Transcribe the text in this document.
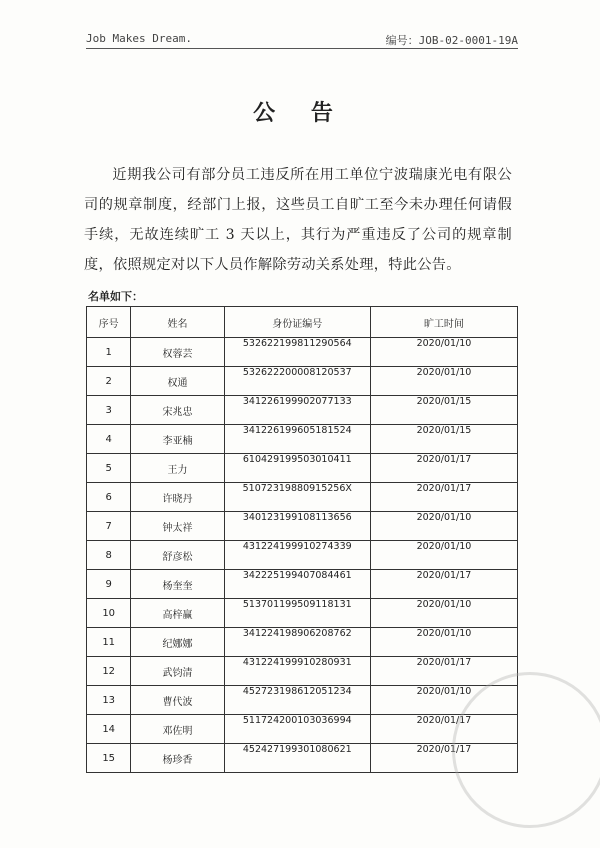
Job Makes Dream.	编号：JOB-02-0001-19A
公 告

近期我公司有部分员工违反所在用工单位宁波瑞康光电有限公司的规章制度，经部门上报，这些员工自旷工至今未办理任何请假手续，无故连续旷工 3 天以上，其行为严重违反了公司的规章制度，依照规定对以下人员作解除劳动关系处理，特此公告。

名单如下：
序号	姓名	身份证编号	旷工时间
1	权蓉芸	532622199811290564	2020/01/10
2	权通	532622200008120537	2020/01/10
3	宋兆忠	341226199902077133	2020/01/15
4	李亚楠	341226199605181524	2020/01/15
5	王力	610429199503010411	2020/01/17
6	许晓丹	51072319880915256X	2020/01/17
7	钟太祥	340123199108113656	2020/01/10
8	舒彦松	431224199910274339	2020/01/10
9	杨奎奎	342225199407084461	2020/01/17
10	高梓赢	513701199509118131	2020/01/10
11	纪娜娜	341224198906208762	2020/01/10
12	武钧清	431224199910280931	2020/01/17
13	曹代波	452723198612051234	2020/01/10
14	邓佐明	511724200103036994	2020/01/17
15	杨珍香	452427199301080621	2020/01/17
